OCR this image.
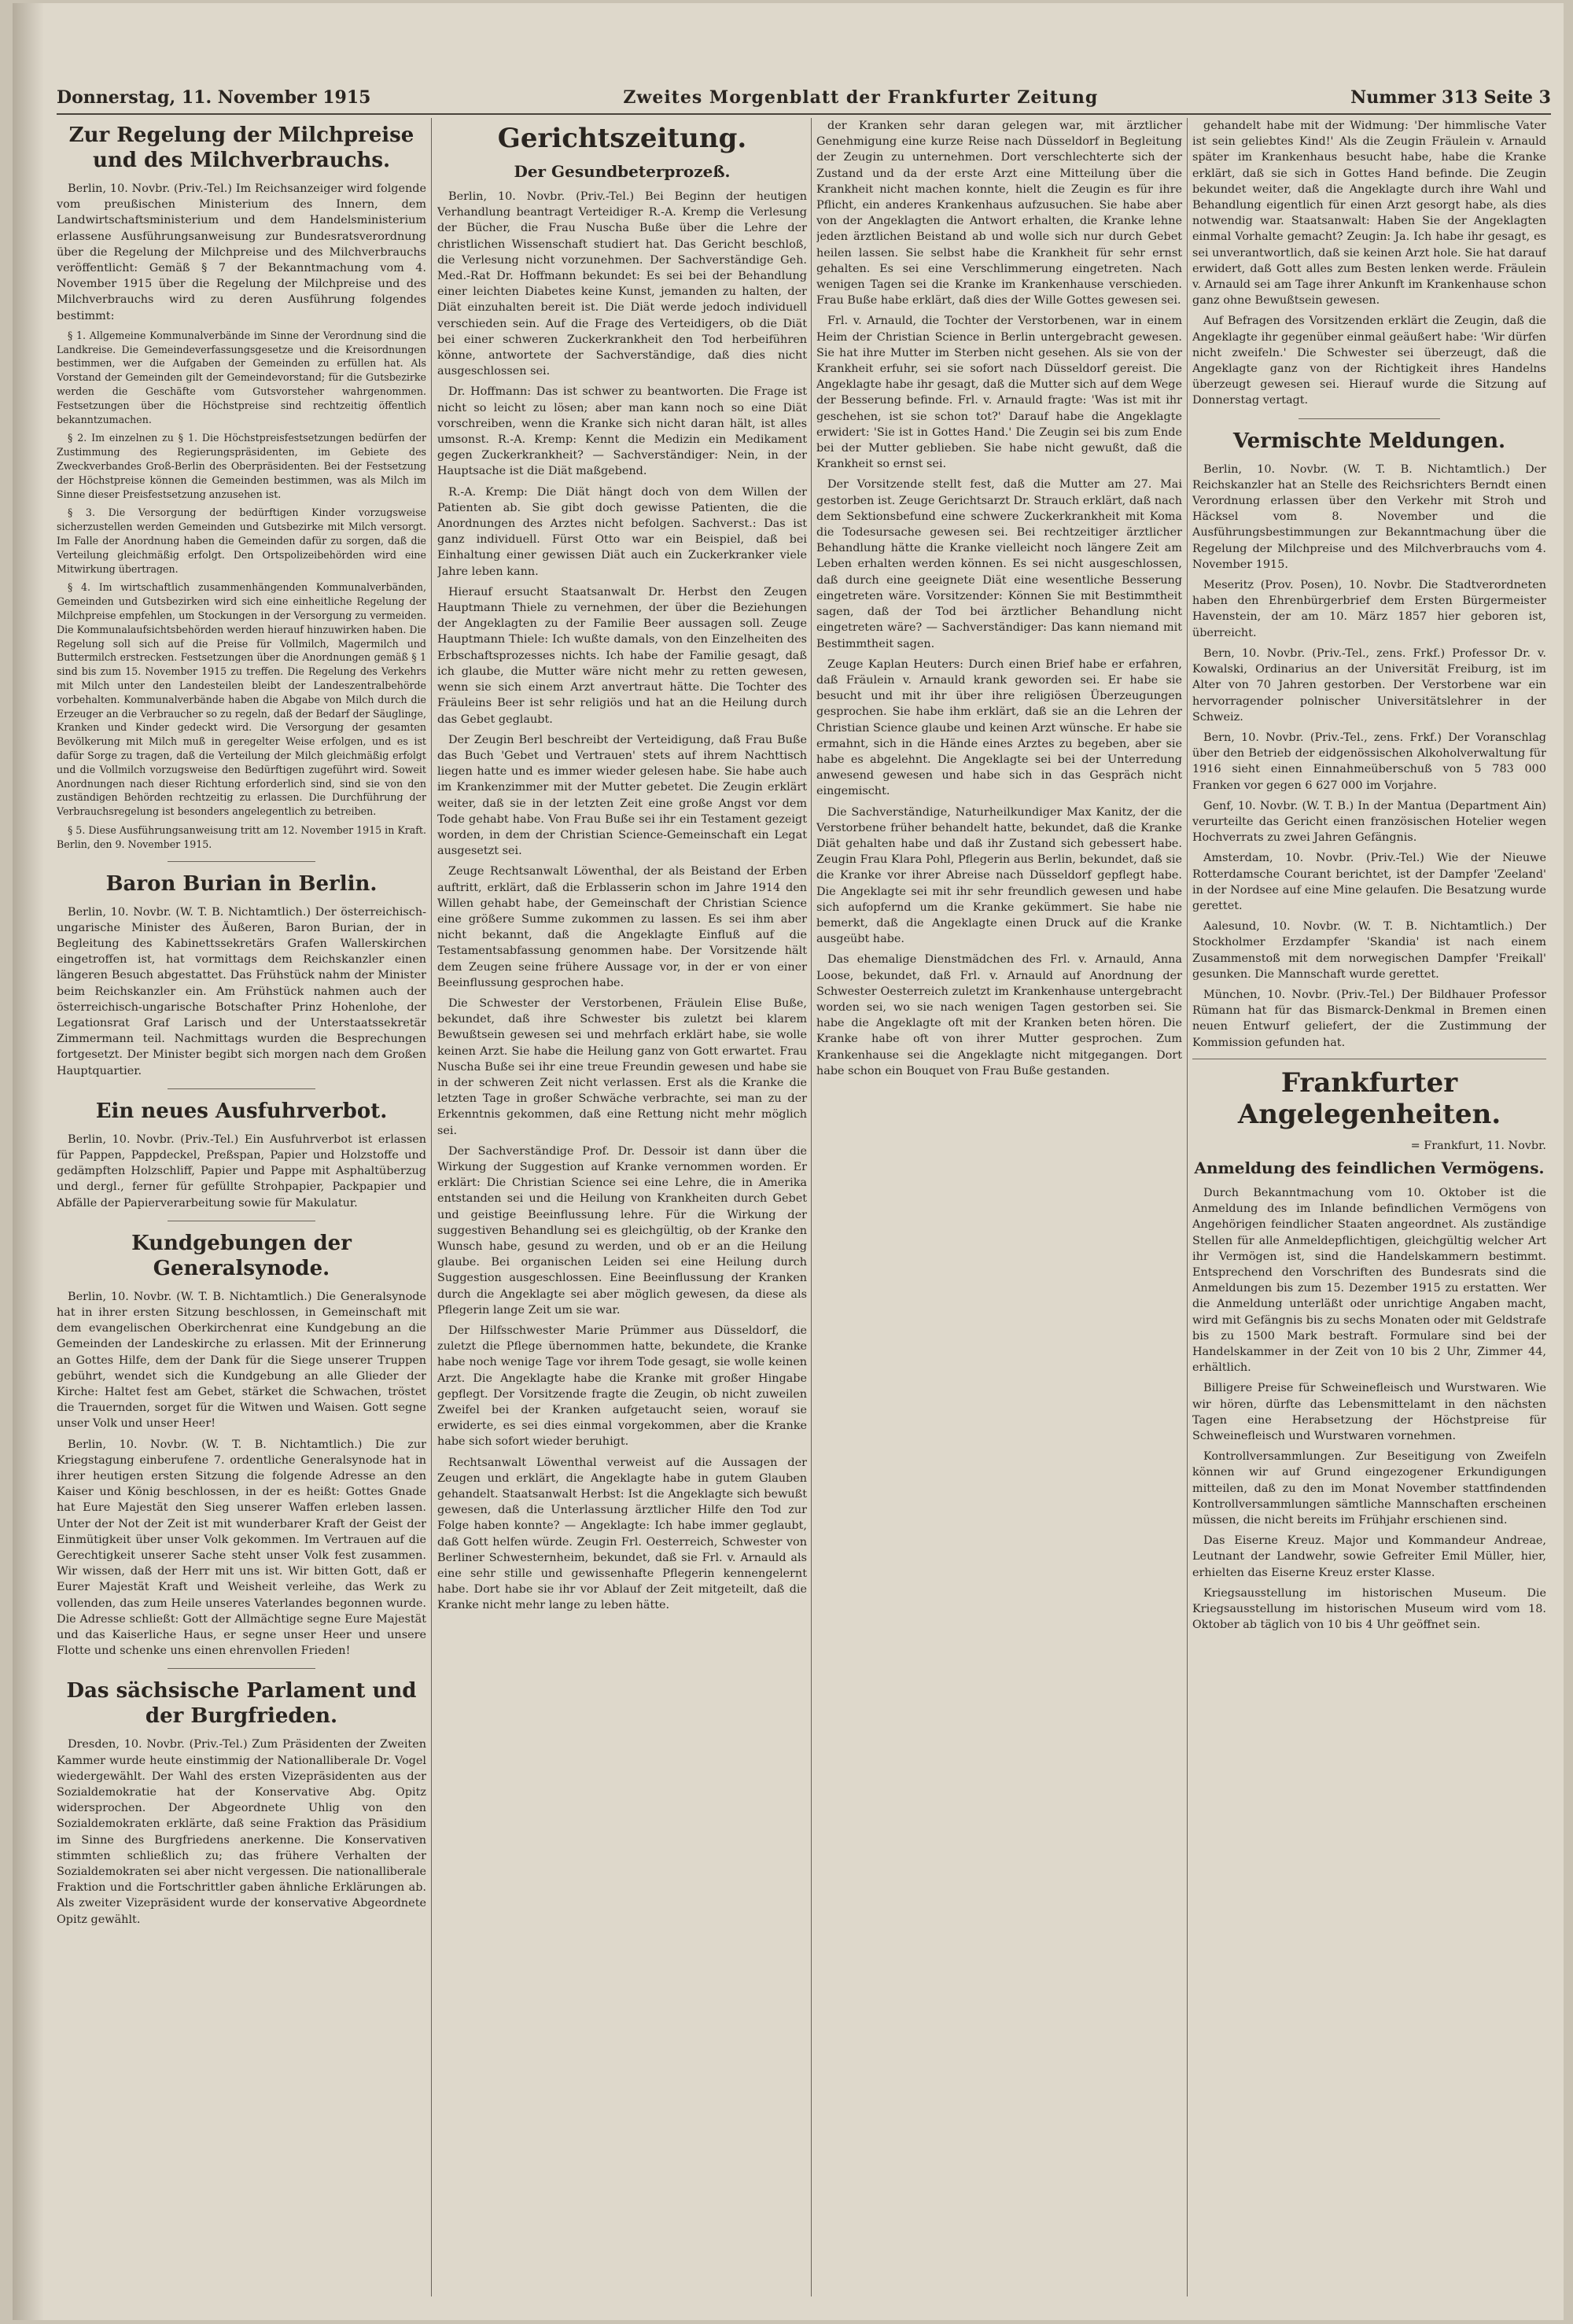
Donnerstag, 11. November 1915	Zweites Morgenblatt der Frankfurter Zeitung	Nummer 313 Seite 3
Zur Regelung der Milchpreise und des Milchverbrauchs.

Berlin, 10. Novbr. (Priv.-Tel.) Im Reichsanzeiger wird folgende vom preußischen Ministerium des Innern, dem Landwirtschaftsministerium und dem Handelsministerium erlassene Ausführungsanweisung zur Bundesratsverordnung über die Regelung der Milchpreise und des Milchverbrauchs veröffentlicht: Gemäß § 7 der Bekanntmachung vom 4. November 1915 über die Regelung der Milchpreise und des Milchverbrauchs wird zu deren Ausführung folgendes bestimmt:

§ 1. Allgemeine Kommunalverbände im Sinne der Verordnung sind die Landkreise. Die Gemeindeverfassungsgesetze und die Kreisordnungen bestimmen, wer die Aufgaben der Gemeinden zu erfüllen hat. Als Vorstand der Gemeinden gilt der Gemeindevorstand; für die Gutsbezirke werden die Geschäfte vom Gutsvorsteher wahrgenommen. Festsetzungen über die Höchstpreise sind rechtzeitig öffentlich bekanntzumachen.

§ 2. Im einzelnen zu § 1. Die Höchstpreisfestsetzungen bedürfen der Zustimmung des Regierungspräsidenten, im Gebiete des Zweckverbandes Groß-Berlin des Oberpräsidenten. Bei der Festsetzung der Höchstpreise können die Gemeinden bestimmen, was als Milch im Sinne dieser Preisfestsetzung anzusehen ist.

§ 3. Die Versorgung der bedürftigen Kinder vorzugsweise sicherzustellen werden Gemeinden und Gutsbezirke mit Milch versorgt. Im Falle der Anordnung haben die Gemeinden dafür zu sorgen, daß die Verteilung gleichmäßig erfolgt. Den Ortspolizeibehörden wird eine Mitwirkung übertragen.

§ 4. Im wirtschaftlich zusammenhängenden Kommunalverbänden, Gemeinden und Gutsbezirken wird sich eine einheitliche Regelung der Milchpreise empfehlen, um Stockungen in der Versorgung zu vermeiden. Die Kommunalaufsichtsbehörden werden hierauf hinzuwirken haben. Die Regelung soll sich auf die Preise für Vollmilch, Magermilch und Buttermilch erstrecken. Festsetzungen über die Anordnungen gemäß § 1 sind bis zum 15. November 1915 zu treffen. Die Regelung des Verkehrs mit Milch unter den Landesteilen bleibt der Landeszentralbehörde vorbehalten. Kommunalverbände haben die Abgabe von Milch durch die Erzeuger an die Verbraucher so zu regeln, daß der Bedarf der Säuglinge, Kranken und Kinder gedeckt wird. Die Versorgung der gesamten Bevölkerung mit Milch muß in geregelter Weise erfolgen, und es ist dafür Sorge zu tragen, daß die Verteilung der Milch gleichmäßig erfolgt und die Vollmilch vorzugsweise den Bedürftigen zugeführt wird. Soweit Anordnungen nach dieser Richtung erforderlich sind, sind sie von den zuständigen Behörden rechtzeitig zu erlassen. Die Durchführung der Verbrauchsregelung ist besonders angelegentlich zu betreiben.

§ 5. Diese Ausführungsanweisung tritt am 12. November 1915 in Kraft. Berlin, den 9. November 1915.

Baron Burian in Berlin.

Berlin, 10. Novbr. (W. T. B. Nichtamtlich.) Der österreichisch-ungarische Minister des Äußeren, Baron Burian, der in Begleitung des Kabinettssekretärs Grafen Wallerskirchen eingetroffen ist, hat vormittags dem Reichskanzler einen längeren Besuch abgestattet. Das Frühstück nahm der Minister beim Reichskanzler ein. Am Frühstück nahmen auch der österreichisch-ungarische Botschafter Prinz Hohenlohe, der Legationsrat Graf Larisch und der Unterstaatssekretär Zimmermann teil. Nachmittags wurden die Besprechungen fortgesetzt. Der Minister begibt sich morgen nach dem Großen Hauptquartier.

Ein neues Ausfuhrverbot.

Berlin, 10. Novbr. (Priv.-Tel.) Ein Ausfuhrverbot ist erlassen für Pappen, Pappdeckel, Preßspan, Papier und Holzstoffe und gedämpften Holzschliff, Papier und Pappe mit Asphaltüberzug und dergl., ferner für gefüllte Strohpapier, Packpapier und Abfälle der Papierverarbeitung sowie für Makulatur.

Kundgebungen der Generalsynode.

Berlin, 10. Novbr. (W. T. B. Nichtamtlich.) Die Generalsynode hat in ihrer ersten Sitzung beschlossen, in Gemeinschaft mit dem evangelischen Oberkirchenrat eine Kundgebung an die Gemeinden der Landeskirche zu erlassen. Mit der Erinnerung an Gottes Hilfe, dem der Dank für die Siege unserer Truppen gebührt, wendet sich die Kundgebung an alle Glieder der Kirche: Haltet fest am Gebet, stärket die Schwachen, tröstet die Trauernden, sorget für die Witwen und Waisen. Gott segne unser Volk und unser Heer!

Berlin, 10. Novbr. (W. T. B. Nichtamtlich.) Die zur Kriegstagung einberufene 7. ordentliche Generalsynode hat in ihrer heutigen ersten Sitzung die folgende Adresse an den Kaiser und König beschlossen, in der es heißt: Gottes Gnade hat Eure Majestät den Sieg unserer Waffen erleben lassen. Unter der Not der Zeit ist mit wunderbarer Kraft der Geist der Einmütigkeit über unser Volk gekommen. Im Vertrauen auf die Gerechtigkeit unserer Sache steht unser Volk fest zusammen. Wir wissen, daß der Herr mit uns ist. Wir bitten Gott, daß er Eurer Majestät Kraft und Weisheit verleihe, das Werk zu vollenden, das zum Heile unseres Vaterlandes begonnen wurde. Die Adresse schließt: Gott der Allmächtige segne Eure Majestät und das Kaiserliche Haus, er segne unser Heer und unsere Flotte und schenke uns einen ehrenvollen Frieden!

Das sächsische Parlament und der Burgfrieden.

Dresden, 10. Novbr. (Priv.-Tel.) Zum Präsidenten der Zweiten Kammer wurde heute einstimmig der Nationalliberale Dr. Vogel wiedergewählt. Der Wahl des ersten Vizepräsidenten aus der Sozialdemokratie hat der Konservative Abg. Opitz widersprochen. Der Abgeordnete Uhlig von den Sozialdemokraten erklärte, daß seine Fraktion das Präsidium im Sinne des Burgfriedens anerkenne. Die Konservativen stimmten schließlich zu; das frühere Verhalten der Sozialdemokraten sei aber nicht vergessen. Die nationalliberale Fraktion und die Fortschrittler gaben ähnliche Erklärungen ab. Als zweiter Vizepräsident wurde der konservative Abgeordnete Opitz gewählt.

Gerichtszeitung.
Der Gesundbeterprozeß.

Berlin, 10. Novbr. (Priv.-Tel.) Bei Beginn der heutigen Verhandlung beantragt Verteidiger R.-A. Kremp die Verlesung der Bücher, die Frau Nuscha Buße über die Lehre der christlichen Wissenschaft studiert hat. Das Gericht beschloß, die Verlesung nicht vorzunehmen. Der Sachverständige Geh. Med.-Rat Dr. Hoffmann bekundet: Es sei bei der Behandlung einer leichten Diabetes keine Kunst, jemanden zu halten, der Diät einzuhalten bereit ist. Die Diät werde jedoch individuell verschieden sein. Auf die Frage des Verteidigers, ob die Diät bei einer schweren Zuckerkrankheit den Tod herbeiführen könne, antwortete der Sachverständige, daß dies nicht ausgeschlossen sei.

Dr. Hoffmann: Das ist schwer zu beantworten. Die Frage ist nicht so leicht zu lösen; aber man kann noch so eine Diät vorschreiben, wenn die Kranke sich nicht daran hält, ist alles umsonst. R.-A. Kremp: Kennt die Medizin ein Medikament gegen Zuckerkrankheit? — Sachverständiger: Nein, in der Hauptsache ist die Diät maßgebend.

R.-A. Kremp: Die Diät hängt doch von dem Willen der Patienten ab. Sie gibt doch gewisse Patienten, die die Anordnungen des Arztes nicht befolgen. Sachverst.: Das ist ganz individuell. Fürst Otto war ein Beispiel, daß bei Einhaltung einer gewissen Diät auch ein Zuckerkranker viele Jahre leben kann.

Hierauf ersucht Staatsanwalt Dr. Herbst den Zeugen Hauptmann Thiele zu vernehmen, der über die Beziehungen der Angeklagten zu der Familie Beer aussagen soll. Zeuge Hauptmann Thiele: Ich wußte damals, von den Einzelheiten des Erbschaftsprozesses nichts. Ich habe der Familie gesagt, daß ich glaube, die Mutter wäre nicht mehr zu retten gewesen, wenn sie sich einem Arzt anvertraut hätte. Die Tochter des Fräuleins Beer ist sehr religiös und hat an die Heilung durch das Gebet geglaubt.

Der Zeugin Berl beschreibt der Verteidigung, daß Frau Buße das Buch 'Gebet und Vertrauen' stets auf ihrem Nachttisch liegen hatte und es immer wieder gelesen habe. Sie habe auch im Krankenzimmer mit der Mutter gebetet. Die Zeugin erklärt weiter, daß sie in der letzten Zeit eine große Angst vor dem Tode gehabt habe. Von Frau Buße sei ihr ein Testament gezeigt worden, in dem der Christian Science-Gemeinschaft ein Legat ausgesetzt sei.

Zeuge Rechtsanwalt Löwenthal, der als Beistand der Erben auftritt, erklärt, daß die Erblasserin schon im Jahre 1914 den Willen gehabt habe, der Gemeinschaft der Christian Science eine größere Summe zukommen zu lassen. Es sei ihm aber nicht bekannt, daß die Angeklagte Einfluß auf die Testamentsabfassung genommen habe. Der Vorsitzende hält dem Zeugen seine frühere Aussage vor, in der er von einer Beeinflussung gesprochen habe.

Die Schwester der Verstorbenen, Fräulein Elise Buße, bekundet, daß ihre Schwester bis zuletzt bei klarem Bewußtsein gewesen sei und mehrfach erklärt habe, sie wolle keinen Arzt. Sie habe die Heilung ganz von Gott erwartet. Frau Nuscha Buße sei ihr eine treue Freundin gewesen und habe sie in der schweren Zeit nicht verlassen. Erst als die Kranke die letzten Tage in großer Schwäche verbrachte, sei man zu der Erkenntnis gekommen, daß eine Rettung nicht mehr möglich sei.

Der Sachverständige Prof. Dr. Dessoir ist dann über die Wirkung der Suggestion auf Kranke vernommen worden. Er erklärt: Die Christian Science sei eine Lehre, die in Amerika entstanden sei und die Heilung von Krankheiten durch Gebet und geistige Beeinflussung lehre. Für die Wirkung der suggestiven Behandlung sei es gleichgültig, ob der Kranke den Wunsch habe, gesund zu werden, und ob er an die Heilung glaube. Bei organischen Leiden sei eine Heilung durch Suggestion ausgeschlossen. Eine Beeinflussung der Kranken durch die Angeklagte sei aber möglich gewesen, da diese als Pflegerin lange Zeit um sie war.

Der Hilfsschwester Marie Prümmer aus Düsseldorf, die zuletzt die Pflege übernommen hatte, bekundete, die Kranke habe noch wenige Tage vor ihrem Tode gesagt, sie wolle keinen Arzt. Die Angeklagte habe die Kranke mit großer Hingabe gepflegt. Der Vorsitzende fragte die Zeugin, ob nicht zuweilen Zweifel bei der Kranken aufgetaucht seien, worauf sie erwiderte, es sei dies einmal vorgekommen, aber die Kranke habe sich sofort wieder beruhigt.

Rechtsanwalt Löwenthal verweist auf die Aussagen der Zeugen und erklärt, die Angeklagte habe in gutem Glauben gehandelt. Staatsanwalt Herbst: Ist die Angeklagte sich bewußt gewesen, daß die Unterlassung ärztlicher Hilfe den Tod zur Folge haben konnte? — Angeklagte: Ich habe immer geglaubt, daß Gott helfen würde. Zeugin Frl. Oesterreich, Schwester von Berliner Schwesternheim, bekundet, daß sie Frl. v. Arnauld als eine sehr stille und gewissenhafte Pflegerin kennengelernt habe. Dort habe sie ihr vor Ablauf der Zeit mitgeteilt, daß die Kranke nicht mehr lange zu leben hätte.

der Kranken sehr daran gelegen war, mit ärztlicher Genehmigung eine kurze Reise nach Düsseldorf in Begleitung der Zeugin zu unternehmen. Dort verschlechterte sich der Zustand und da der erste Arzt eine Mitteilung über die Krankheit nicht machen konnte, hielt die Zeugin es für ihre Pflicht, ein anderes Krankenhaus aufzusuchen. Sie habe aber von der Angeklagten die Antwort erhalten, die Kranke lehne jeden ärztlichen Beistand ab und wolle sich nur durch Gebet heilen lassen. Sie selbst habe die Krankheit für sehr ernst gehalten. Es sei eine Verschlimmerung eingetreten. Nach wenigen Tagen sei die Kranke im Krankenhause verschieden. Frau Buße habe erklärt, daß dies der Wille Gottes gewesen sei.

Frl. v. Arnauld, die Tochter der Verstorbenen, war in einem Heim der Christian Science in Berlin untergebracht gewesen. Sie hat ihre Mutter im Sterben nicht gesehen. Als sie von der Krankheit erfuhr, sei sie sofort nach Düsseldorf gereist. Die Angeklagte habe ihr gesagt, daß die Mutter sich auf dem Wege der Besserung befinde. Frl. v. Arnauld fragte: 'Was ist mit ihr geschehen, ist sie schon tot?' Darauf habe die Angeklagte erwidert: 'Sie ist in Gottes Hand.' Die Zeugin sei bis zum Ende bei der Mutter geblieben. Sie habe nicht gewußt, daß die Krankheit so ernst sei.

Der Vorsitzende stellt fest, daß die Mutter am 27. Mai gestorben ist. Zeuge Gerichtsarzt Dr. Strauch erklärt, daß nach dem Sektionsbefund eine schwere Zuckerkrankheit mit Koma die Todesursache gewesen sei. Bei rechtzeitiger ärztlicher Behandlung hätte die Kranke vielleicht noch längere Zeit am Leben erhalten werden können. Es sei nicht ausgeschlossen, daß durch eine geeignete Diät eine wesentliche Besserung eingetreten wäre. Vorsitzender: Können Sie mit Bestimmtheit sagen, daß der Tod bei ärztlicher Behandlung nicht eingetreten wäre? — Sachverständiger: Das kann niemand mit Bestimmtheit sagen.

Zeuge Kaplan Heuters: Durch einen Brief habe er erfahren, daß Fräulein v. Arnauld krank geworden sei. Er habe sie besucht und mit ihr über ihre religiösen Überzeugungen gesprochen. Sie habe ihm erklärt, daß sie an die Lehren der Christian Science glaube und keinen Arzt wünsche. Er habe sie ermahnt, sich in die Hände eines Arztes zu begeben, aber sie habe es abgelehnt. Die Angeklagte sei bei der Unterredung anwesend gewesen und habe sich in das Gespräch nicht eingemischt.

Die Sachverständige, Naturheilkundiger Max Kanitz, der die Verstorbene früher behandelt hatte, bekundet, daß die Kranke Diät gehalten habe und daß ihr Zustand sich gebessert habe. Zeugin Frau Klara Pohl, Pflegerin aus Berlin, bekundet, daß sie die Kranke vor ihrer Abreise nach Düsseldorf gepflegt habe. Die Angeklagte sei mit ihr sehr freundlich gewesen und habe sich aufopfernd um die Kranke gekümmert. Sie habe nie bemerkt, daß die Angeklagte einen Druck auf die Kranke ausgeübt habe.

Das ehemalige Dienstmädchen des Frl. v. Arnauld, Anna Loose, bekundet, daß Frl. v. Arnauld auf Anordnung der Schwester Oesterreich zuletzt im Krankenhause untergebracht worden sei, wo sie nach wenigen Tagen gestorben sei. Sie habe die Angeklagte oft mit der Kranken beten hören. Die Kranke habe oft von ihrer Mutter gesprochen. Zum Krankenhause sei die Angeklagte nicht mitgegangen. Dort habe schon ein Bouquet von Frau Buße gestanden.

gehandelt habe mit der Widmung: 'Der himmlische Vater ist sein geliebtes Kind!' Als die Zeugin Fräulein v. Arnauld später im Krankenhaus besucht habe, habe die Kranke erklärt, daß sie sich in Gottes Hand befinde. Die Zeugin bekundet weiter, daß die Angeklagte durch ihre Wahl und Behandlung eigentlich für einen Arzt gesorgt habe, als dies notwendig war. Staatsanwalt: Haben Sie der Angeklagten einmal Vorhalte gemacht? Zeugin: Ja. Ich habe ihr gesagt, es sei unverantwortlich, daß sie keinen Arzt hole. Sie hat darauf erwidert, daß Gott alles zum Besten lenken werde. Fräulein v. Arnauld sei am Tage ihrer Ankunft im Krankenhause schon ganz ohne Bewußtsein gewesen.

Auf Befragen des Vorsitzenden erklärt die Zeugin, daß die Angeklagte ihr gegenüber einmal geäußert habe: 'Wir dürfen nicht zweifeln.' Die Schwester sei überzeugt, daß die Angeklagte ganz von der Richtigkeit ihres Handelns überzeugt gewesen sei. Hierauf wurde die Sitzung auf Donnerstag vertagt.

Vermischte Meldungen.

Berlin, 10. Novbr. (W. T. B. Nichtamtlich.) Der Reichskanzler hat an Stelle des Reichsrichters Berndt einen Verordnung erlassen über den Verkehr mit Stroh und Häcksel vom 8. November und die Ausführungsbestimmungen zur Bekanntmachung über die Regelung der Milchpreise und des Milchverbrauchs vom 4. November 1915.

Meseritz (Prov. Posen), 10. Novbr. Die Stadtverordneten haben den Ehrenbürgerbrief dem Ersten Bürgermeister Havenstein, der am 10. März 1857 hier geboren ist, überreicht.

Bern, 10. Novbr. (Priv.-Tel., zens. Frkf.) Professor Dr. v. Kowalski, Ordinarius an der Universität Freiburg, ist im Alter von 70 Jahren gestorben. Der Verstorbene war ein hervorragender polnischer Universitätslehrer in der Schweiz.

Bern, 10. Novbr. (Priv.-Tel., zens. Frkf.) Der Voranschlag über den Betrieb der eidgenössischen Alkoholverwaltung für 1916 sieht einen Einnahmeüberschuß von 5 783 000 Franken vor gegen 6 627 000 im Vorjahre.

Genf, 10. Novbr. (W. T. B.) In der Mantua (Department Ain) verurteilte das Gericht einen französischen Hotelier wegen Hochverrats zu zwei Jahren Gefängnis.

Amsterdam, 10. Novbr. (Priv.-Tel.) Wie der Nieuwe Rotterdamsche Courant berichtet, ist der Dampfer 'Zeeland' in der Nordsee auf eine Mine gelaufen. Die Besatzung wurde gerettet.

Aalesund, 10. Novbr. (W. T. B. Nichtamtlich.) Der Stockholmer Erzdampfer 'Skandia' ist nach einem Zusammenstoß mit dem norwegischen Dampfer 'Freikall' gesunken. Die Mannschaft wurde gerettet.

München, 10. Novbr. (Priv.-Tel.) Der Bildhauer Professor Rümann hat für das Bismarck-Denkmal in Bremen einen neuen Entwurf geliefert, der die Zustimmung der Kommission gefunden hat.

Frankfurter Angelegenheiten.

= Frankfurt, 11. Novbr.

Anmeldung des feindlichen Vermögens.

Durch Bekanntmachung vom 10. Oktober ist die Anmeldung des im Inlande befindlichen Vermögens von Angehörigen feindlicher Staaten angeordnet. Als zuständige Stellen für alle Anmeldepflichtigen, gleichgültig welcher Art ihr Vermögen ist, sind die Handelskammern bestimmt. Entsprechend den Vorschriften des Bundesrats sind die Anmeldungen bis zum 15. Dezember 1915 zu erstatten. Wer die Anmeldung unterläßt oder unrichtige Angaben macht, wird mit Gefängnis bis zu sechs Monaten oder mit Geldstrafe bis zu 1500 Mark bestraft. Formulare sind bei der Handelskammer in der Zeit von 10 bis 2 Uhr, Zimmer 44, erhältlich.

Billigere Preise für Schweinefleisch und Wurstwaren. Wie wir hören, dürfte das Lebensmittelamt in den nächsten Tagen eine Herabsetzung der Höchstpreise für Schweinefleisch und Wurstwaren vornehmen.

Kontrollversammlungen. Zur Beseitigung von Zweifeln können wir auf Grund eingezogener Erkundigungen mitteilen, daß zu den im Monat November stattfindenden Kontrollversammlungen sämtliche Mannschaften erscheinen müssen, die nicht bereits im Frühjahr erschienen sind.

Das Eiserne Kreuz. Major und Kommandeur Andreae, Leutnant der Landwehr, sowie Gefreiter Emil Müller, hier, erhielten das Eiserne Kreuz erster Klasse.

Kriegsausstellung im historischen Museum. Die Kriegsausstellung im historischen Museum wird vom 18. Oktober ab täglich von 10 bis 4 Uhr geöffnet sein.
